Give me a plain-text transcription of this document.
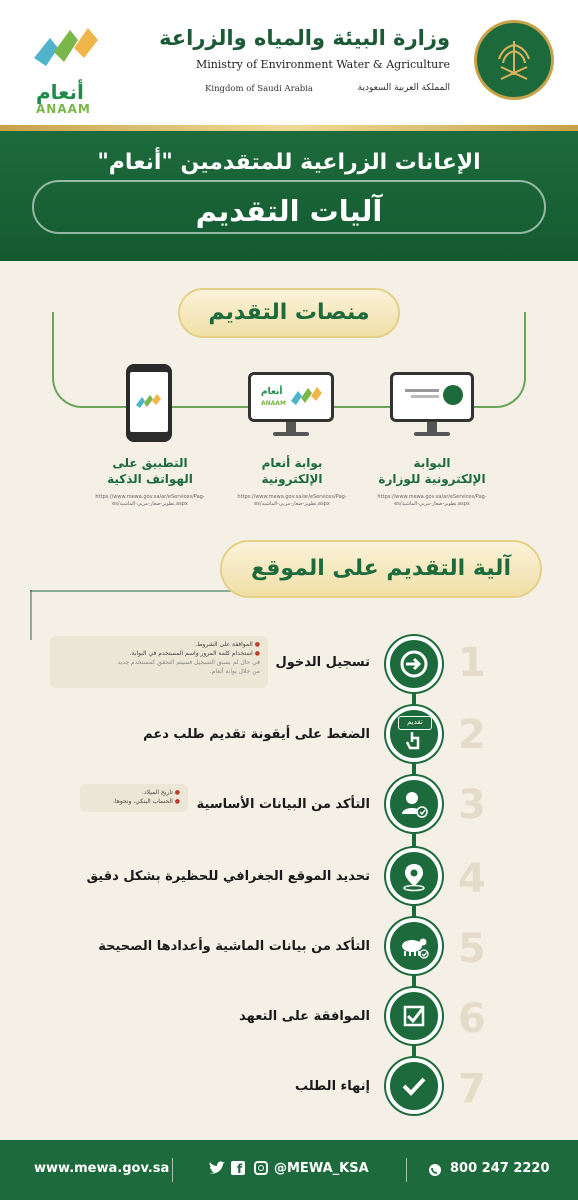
وزارة البيئة والمياه والزراعة
Ministry of Environment Water & Agriculture
Kingdom of Saudi Arabia	المملكة العربية السعودية
أنعام
ANAAM
الإعانات الزراعية للمتقدمين "أنعام"
آليات التقديم
منصات التقديم
البوابة
الإلكترونية للوزارة
https://www.mewa.gov.sa/ar/eServices/Pag-
es/تطوير-صغار-مربي-الماشية.aspx
أنعام
ANAAM
بوابة أنعام
الإلكترونية
https://www.mewa.gov.sa/ar/eServices/Pag-
es/تطوير-صغار-مربي-الماشية.aspx
التطبيق على
الهواتف الذكية
https://www.mewa.gov.sa/ar/eServices/Pag-
es/تطوير-صغار-مربي-الماشية.aspx
آلية التقديم على الموقع
1
تسجيل الدخول
● الموافقة على الشروط.
● استخدام كلمة المرور واسم المستخدم في البوابة.
في حال لم يسبق التسجيل فسيتم التحقق كمستخدم جديد
من خلال بوابة أنعام.
2
تقديم
الضغط على أيقونة تقديم طلب دعم
3
التأكد من البيانات الأساسية
● تاريخ الميلاد.
● الحساب البنكي، ونحوها.
4
تحديد الموقع الجغرافي للحظيرة بشكل دقيق
5
التأكد من بيانات الماشية وأعدادها الصحيحة
6
الموافقة على التعهد
7
إنهاء الطلب
www.mewa.gov.sa	f @MEWA_KSA	800 247 2220
